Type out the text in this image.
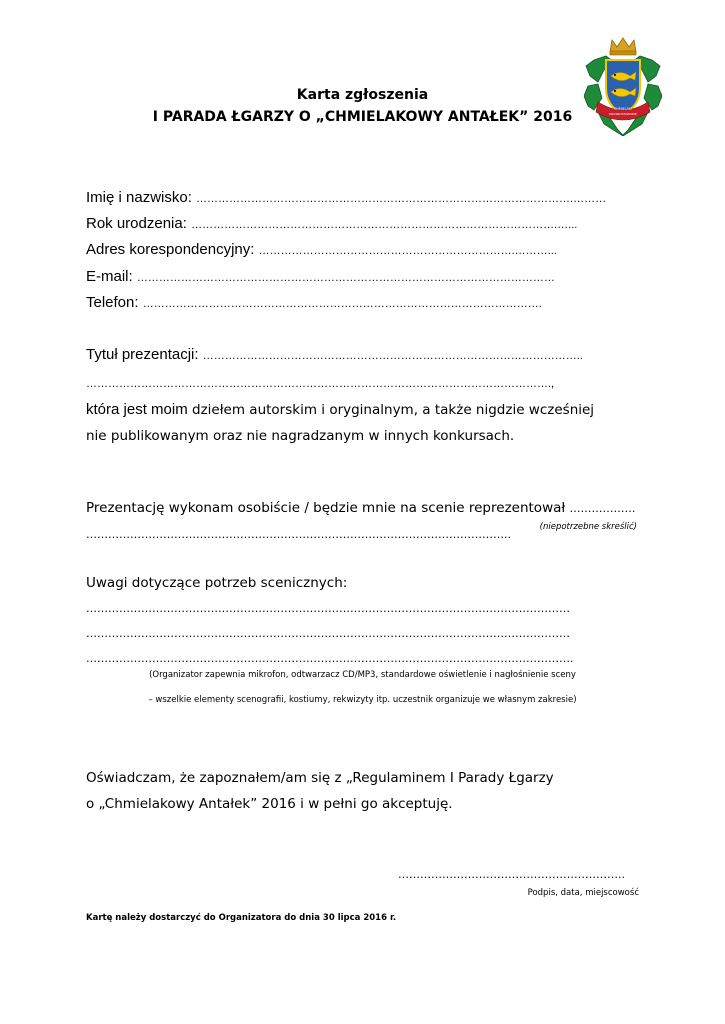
CHMIELAKI
KRASNOSTAWSKIE
Karta zgłoszenia
I PARADA ŁGARZY O „CHMIELAKOWY ANTAŁEK” 2016
Imię i nazwisko: ………………………………………………………………………………………….………
Rok urodzenia: ……………………………………………………………………………………….…...
Adres korespondencyjny: …………………………………………………………….………...
E-mail: ……………………………………………………………………………………………………
Telefon: ……………………………………………………………………………………………….
Tytuł prezentacji: …………………………………………………………………………………………..
……………………………………………………………………………………………………………….,
która jest moim dziełem autorskim i oryginalnym, a także nigdzie wcześniej
nie publikowanym oraz nie nagradzanym w innych konkursach.
Prezentację wykonam osobiście / będzie mnie na scenie reprezentował ………………
……………………………………………………………………………………………………..
(niepotrzebne skreślić)
Uwagi dotyczące potrzeb scenicznych:
……………………………………………………………………………………………………………………
……………………………………………………………………………………………………………………
…………………………………………………………………………………………………………………….
(Organizator zapewnia mikrofon, odtwarzacz CD/MP3, standardowe oświetlenie i nagłośnienie sceny
– wszelkie elementy scenografii, kostiumy, rekwizyty itp. uczestnik organizuje we własnym zakresie)
Oświadczam, że zapoznałem/am się z „Regulaminem I Parady Łgarzy
o „Chmielakowy Antałek” 2016 i w pełni go akceptuję.
……………………………………………………..
Podpis, data, miejscowość
Kartę należy dostarczyć do Organizatora do dnia 30 lipca 2016 r.
